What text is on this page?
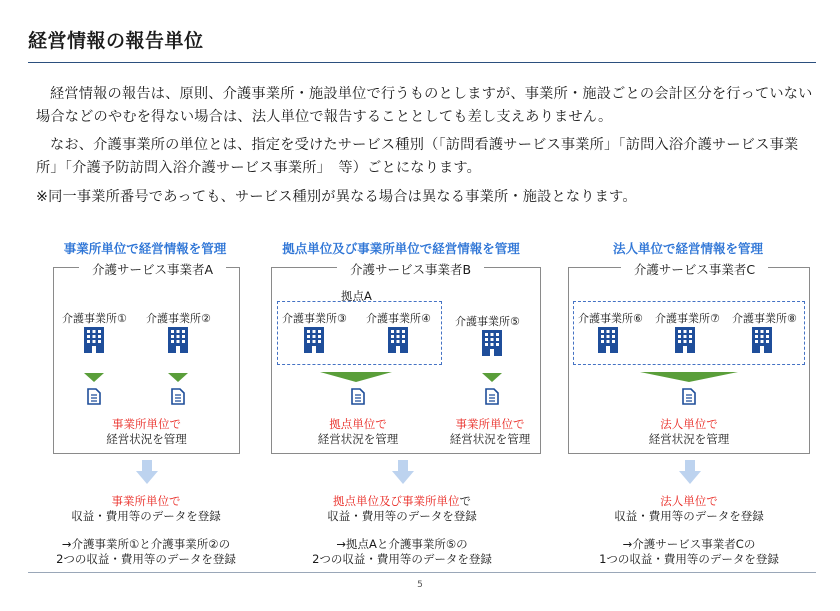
経営情報の報告単位
経営情報の報告は、原則、介護事業所・施設単位で行うものとしますが、事業所・施設ごとの会計区分を行っていない場合などのやむを得ない場合は、法人単位で報告することとしても差し支えありません。
なお、介護事業所の単位とは、指定を受けたサービス種別（「訪問看護サービス事業所」「訪問入浴介護サービス事業所」「介護予防訪問入浴介護サービス事業所」　等）ごとになります。
※同一事業所番号であっても、サービス種別が異なる場合は異なる事業所・施設となります。
事業所単位で経営情報を管理
介護サービス事業者A
介護事業所① 介護事業所②
事業所単位で
経営状況を管理
拠点単位及び事業所単位で経営情報を管理
介護サービス事業者B
拠点A
介護事業所③ 介護事業所④ 介護事業所⑤
拠点単位で
経営状況を管理
事業所単位で
経営状況を管理
法人単位で経営情報を管理
介護サービス事業者C
介護事業所⑥ 介護事業所⑦ 介護事業所⑧
法人単位で
経営状況を管理
事業所単位で
収益・費用等のデータを登録
→介護事業所①と介護事業所②の
2つの収益・費用等のデータを登録
拠点単位及び事業所単位で
収益・費用等のデータを登録
→拠点Aと介護事業所⑤の
2つの収益・費用等のデータを登録
法人単位で
収益・費用等のデータを登録
→介護サービス事業者Cの
1つの収益・費用等のデータを登録
5
